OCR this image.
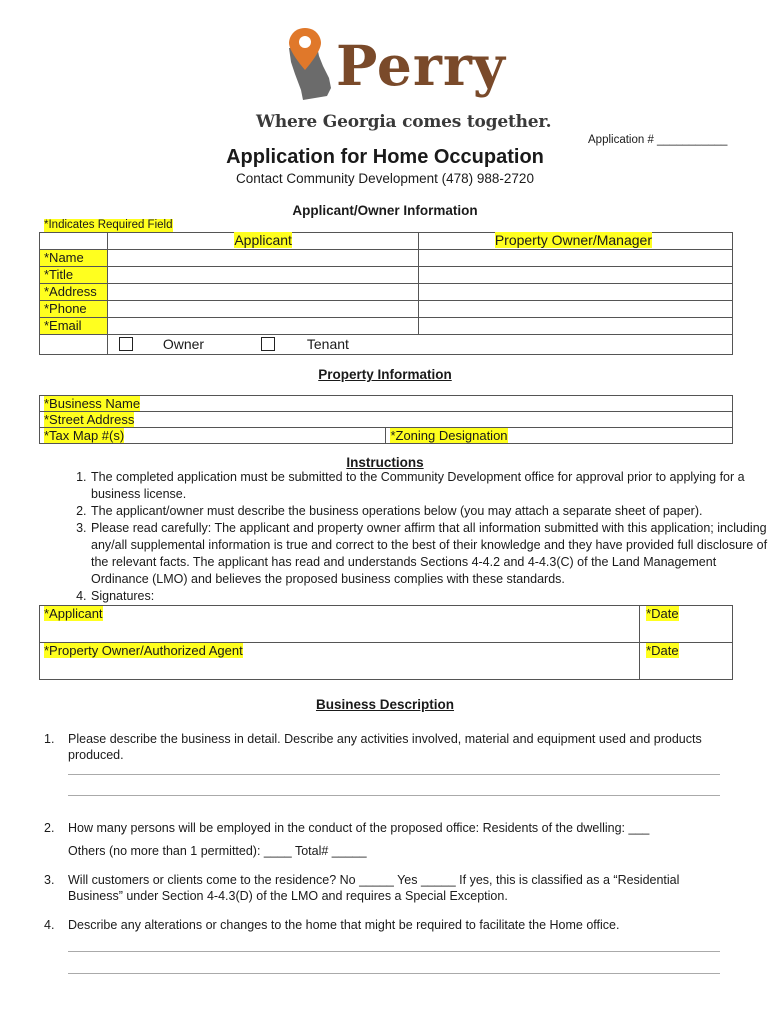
Perry
Where Georgia comes together.
Application # ___________
Application for Home Occupation
Contact Community Development (478) 988-2720
Applicant/Owner Information
*Indicates Required Field
	Applicant	Property Owner/Manager
*Name		
*Title		
*Address		
*Phone		
*Email		
	Owner Tenant	
Property Information
*Business Name
*Street Address
*Tax Map #(s)	*Zoning Designation
Instructions
1. The completed application must be submitted to the Community Development office for approval prior to applying for a business license.
2. The applicant/owner must describe the business operations below (you may attach a separate sheet of paper).
3. Please read carefully: The applicant and property owner affirm that all information submitted with this application; including any/all supplemental information is true and correct to the best of their knowledge and they have provided full disclosure of the relevant facts. The applicant has read and understands Sections 4-4.2 and 4-4.3(C) of the Land Management Ordinance (LMO) and believes the proposed business complies with these standards.
4. Signatures:
*Applicant	*Date
*Property Owner/Authorized Agent	*Date
Business Description
1. Please describe the business in detail. Describe any activities involved, material and equipment used and products produced.
2. How many persons will be employed in the conduct of the proposed office: Residents of the dwelling: ___
Others (no more than 1 permitted): ____ Total# _____
3. Will customers or clients come to the residence? No _____ Yes _____ If yes, this is classified as a “Residential Business” under Section 4-4.3(D) of the LMO and requires a Special Exception.
4. Describe any alterations or changes to the home that might be required to facilitate the Home office.
